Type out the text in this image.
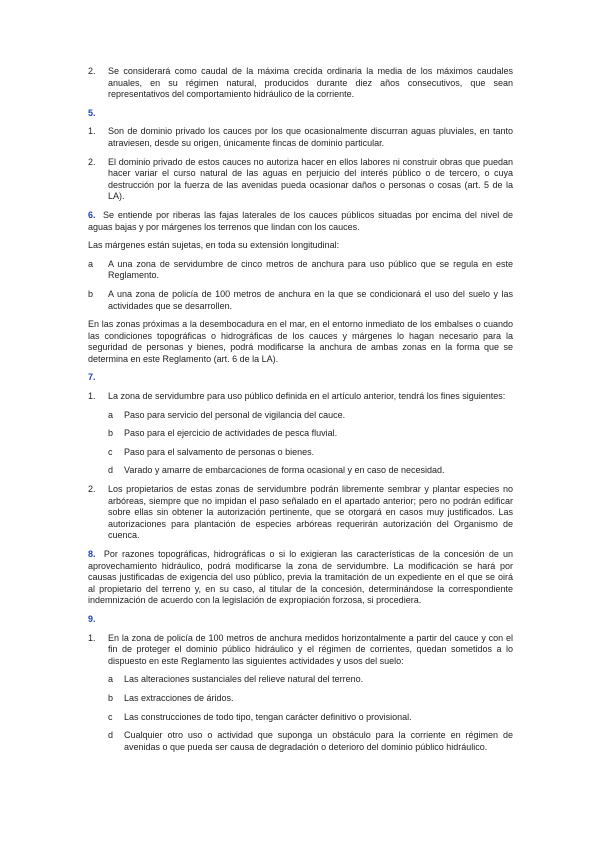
2. Se considerará como caudal de la máxima crecida ordinaria la media de los máximos caudales anuales, en su régimen natural, producidos durante diez años consecutivos, que sean representativos del comportamiento hidráulico de la corriente.
5.
1. Son de dominio privado los cauces por los que ocasionalmente discurran aguas pluviales, en tanto atraviesen, desde su origen, únicamente fincas de dominio particular.
2. El dominio privado de estos cauces no autoriza hacer en ellos labores ni construir obras que puedan hacer variar el curso natural de las aguas en perjuicio del interés público o de tercero, o cuya destrucción por la fuerza de las avenidas pueda ocasionar daños o personas o cosas (art. 5 de la LA).
6. Se entiende por riberas las fajas laterales de los cauces públicos situadas por encima del nivel de aguas bajas y por márgenes los terrenos que lindan con los cauces.
Las márgenes están sujetas, en toda su extensión longitudinal:
a A una zona de servidumbre de cinco metros de anchura para uso público que se regula en este Reglamento.
b A una zona de policía de 100 metros de anchura en la que se condicionará el uso del suelo y las actividades que se desarrollen.
En las zonas próximas a la desembocadura en el mar, en el entorno inmediato de los embalses o cuando las condiciones topográficas o hidrográficas de los cauces y márgenes lo hagan necesario para la seguridad de personas y bienes, podrá modificarse la anchura de ambas zonas en la forma que se determina en este Reglamento (art. 6 de la LA).
7.
1. La zona de servidumbre para uso público definida en el artículo anterior, tendrá los fines siguientes:
a Paso para servicio del personal de vigilancia del cauce.
b Paso para el ejercicio de actividades de pesca fluvial.
c Paso para el salvamento de personas o bienes.
d Varado y amarre de embarcaciones de forma ocasional y en caso de necesidad.
2. Los propietarios de estas zonas de servidumbre podrán libremente sembrar y plantar especies no arbóreas, siempre que no impidan el paso señalado en el apartado anterior; pero no podrán edificar sobre ellas sin obtener la autorización pertinente, que se otorgará en casos muy justificados. Las autorizaciones para plantación de especies arbóreas requerirán autorización del Organismo de cuenca.
8. Por razones topográficas, hidrográficas o si lo exigieran las características de la concesión de un aprovechamiento hidráulico, podrá modificarse la zona de servidumbre. La modificación se hará por causas justificadas de exigencia del uso público, previa la tramitación de un expediente en el que se oirá al propietario del terreno y, en su caso, al titular de la concesión, determinándose la correspondiente indemnización de acuerdo con la legislación de expropiación forzosa, si procediera.
9.
1. En la zona de policía de 100 metros de anchura medidos horizontalmente a partir del cauce y con el fin de proteger el dominio público hidráulico y el régimen de corrientes, quedan sometidos a lo dispuesto en este Reglamento las siguientes actividades y usos del suelo:
a Las alteraciones sustanciales del relieve natural del terreno.
b Las extracciones de áridos.
c Las construcciones de todo tipo, tengan carácter definitivo o provisional.
d Cualquier otro uso o actividad que suponga un obstáculo para la corriente en régimen de avenidas o que pueda ser causa de degradación o deterioro del dominio público hidráulico.
